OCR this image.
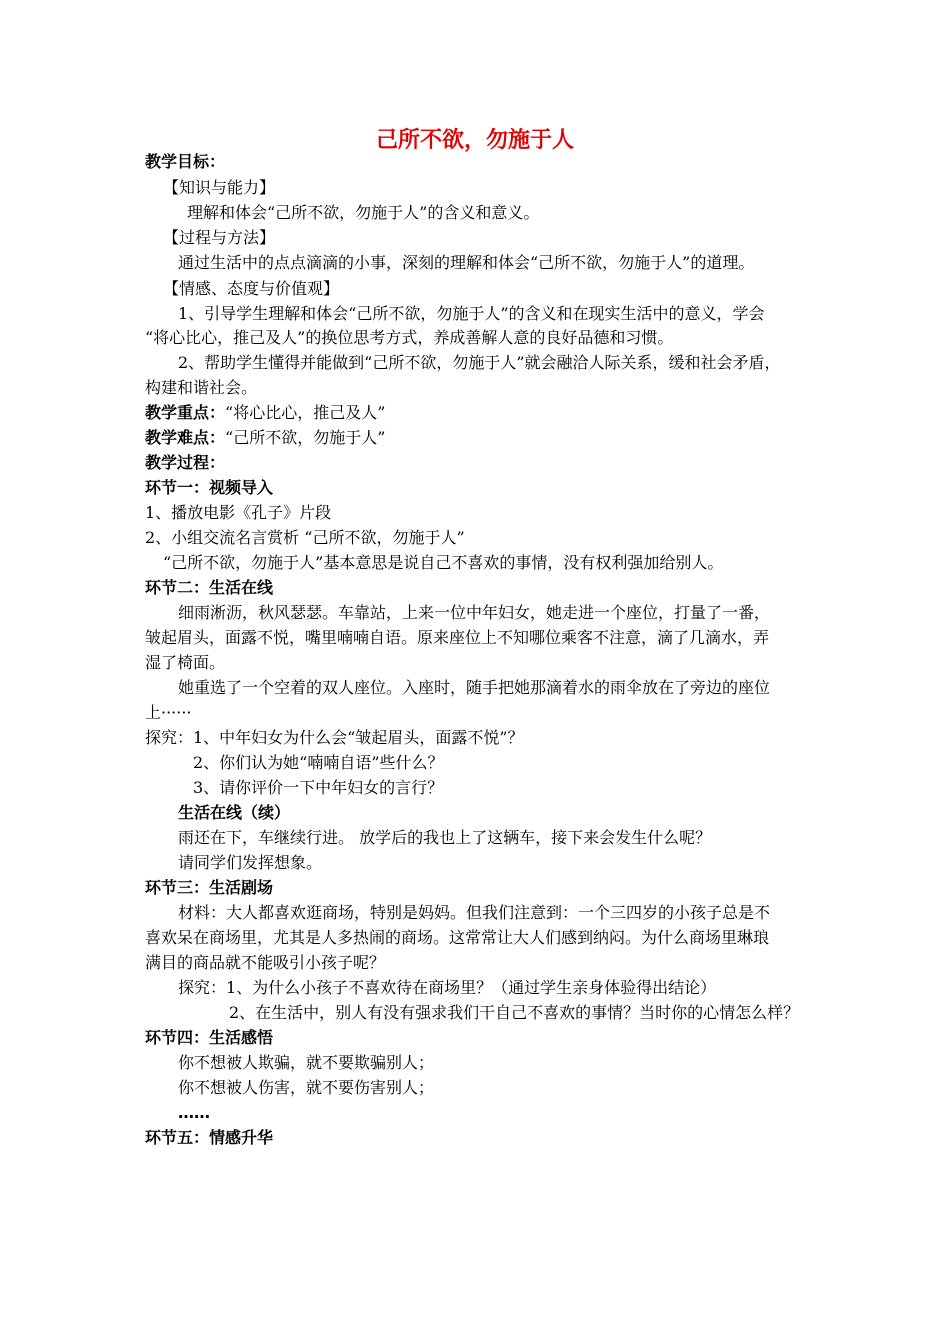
己所不欲，勿施于人
教学目标：
【知识与能力】
理解和体会“己所不欲，勿施于人”的含义和意义。
【过程与方法】
通过生活中的点点滴滴的小事，深刻的理解和体会“己所不欲，勿施于人”的道理。
【情感、态度与价值观】
1、引导学生理解和体会“己所不欲，勿施于人”的含义和在现实生活中的意义，学会
“将心比心，推己及人”的换位思考方式，养成善解人意的良好品德和习惯。
2、帮助学生懂得并能做到“己所不欲，勿施于人”就会融洽人际关系，缓和社会矛盾，
构建和谐社会。
教学重点：“将心比心，推己及人”
教学难点：“己所不欲，勿施于人”
教学过程：
环节一：视频导入
1、播放电影《孔子》片段
2、小组交流名言赏析 “己所不欲，勿施于人”
“己所不欲，勿施于人”基本意思是说自己不喜欢的事情，没有权利强加给别人。
环节二：生活在线
细雨淅沥，秋风瑟瑟。车靠站，上来一位中年妇女，她走进一个座位，打量了一番，
皱起眉头，面露不悦，嘴里喃喃自语。原来座位上不知哪位乘客不注意，滴了几滴水，弄
湿了椅面。
她重选了一个空着的双人座位。入座时，随手把她那滴着水的雨伞放在了旁边的座位
上······
探究：1、中年妇女为什么会“皱起眉头，面露不悦”？
2、你们认为她“喃喃自语”些什么？
3、请你评价一下中年妇女的言行？
生活在线（续）
雨还在下，车继续行进。 放学后的我也上了这辆车，接下来会发生什么呢？
请同学们发挥想象。
环节三：生活剧场
材料：大人都喜欢逛商场，特别是妈妈。但我们注意到：一个三四岁的小孩子总是不
喜欢呆在商场里，尤其是人多热闹的商场。这常常让大人们感到纳闷。为什么商场里琳琅
满目的商品就不能吸引小孩子呢？
探究：1、为什么小孩子不喜欢待在商场里？（通过学生亲身体验得出结论）
2、在生活中，别人有没有强求我们干自己不喜欢的事情？当时你的心情怎么样？
环节四：生活感悟
你不想被人欺骗，就不要欺骗别人；
你不想被人伤害，就不要伤害别人；
……
环节五：情感升华
